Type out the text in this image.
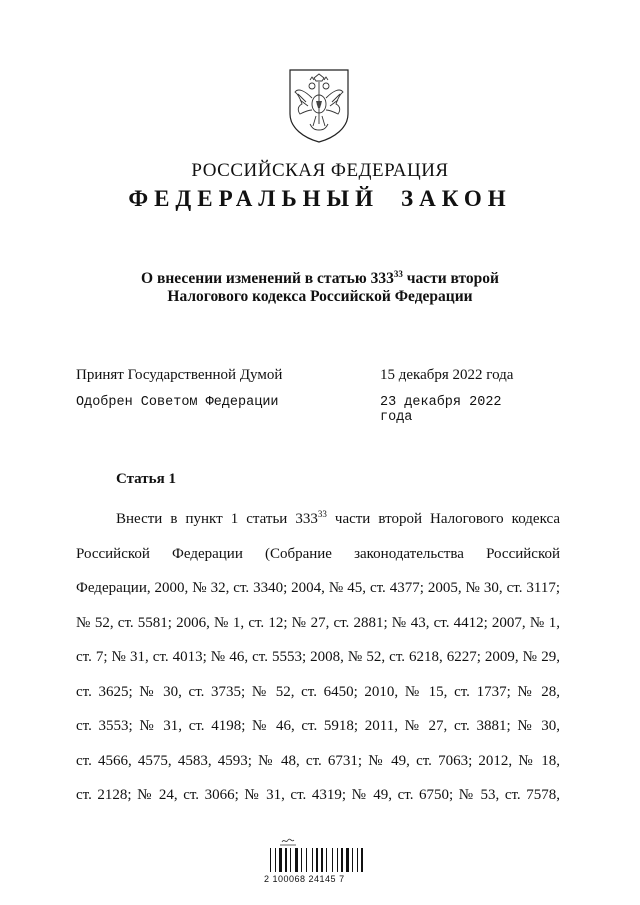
РОССИЙСКАЯ ФЕДЕРАЦИЯ
ФЕДЕРАЛЬНЫЙ ЗАКОН
О внесении изменений в статью $333^{33}$ части второй
Налогового кодекса Российской Федерации
Принят Государственной Думой	15 декабря 2022 года
Одобрен Советом Федерации	23 декабря 2022 года
Статья 1
Внести в пункт 1 статьи $333^{33}$ части второй Налогового кодекса
Российской Федерации (Собрание законодательства Российской
Федерации, 2000, № 32, ст. 3340; 2004, № 45, ст. 4377; 2005, № 30, ст. 3117;
№ 52, ст. 5581; 2006, № 1, ст. 12; № 27, ст. 2881; № 43, ст. 4412; 2007, № 1,
ст. 7; № 31, ст. 4013; № 46, ст. 5553; 2008, № 52, ст. 6218, 6227; 2009, № 29,
ст. 3625; № 30, ст. 3735; № 52, ст. 6450; 2010, № 15, ст. 1737; № 28,
ст. 3553; № 31, ст. 4198; № 46, ст. 5918; 2011, № 27, ст. 3881; № 30,
ст. 4566, 4575, 4583, 4593; № 48, ст. 6731; № 49, ст. 7063; 2012, № 18,
ст. 2128; № 24, ст. 3066; № 31, ст. 4319; № 49, ст. 6750; № 53, ст. 7578,
2 100068 24145 7
